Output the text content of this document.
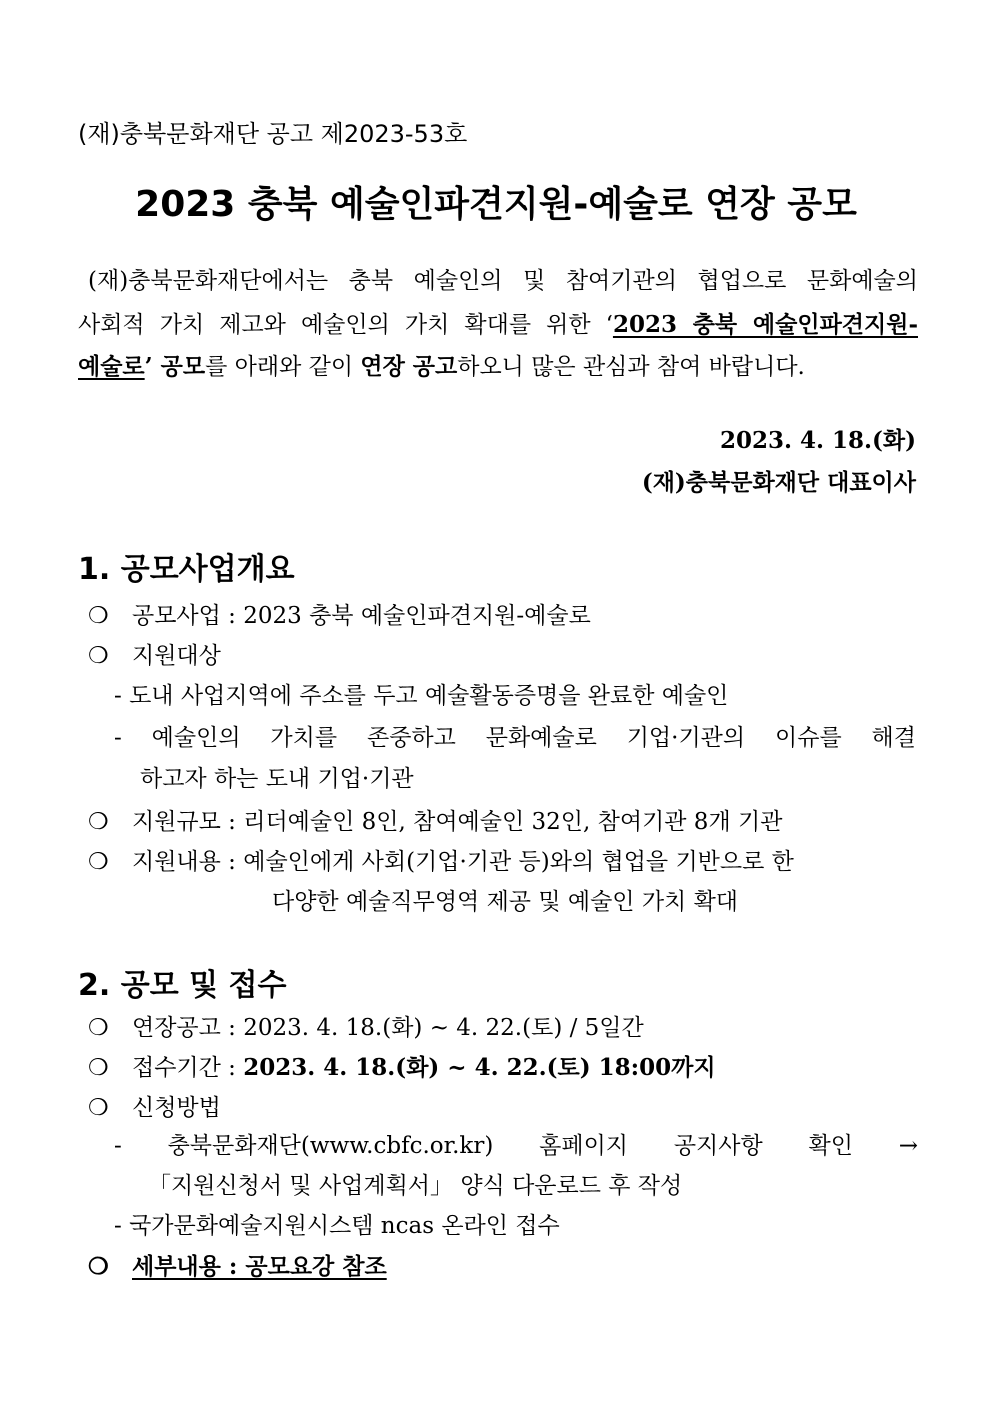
(재)충북문화재단 공고 제2023-53호
2023 충북 예술인파견지원-예술로 연장 공모
(재)충북문화재단에서는 충북 예술인의 및 참여기관의 협업으로 문화예술의
사회적 가치 제고와 예술인의 가치 확대를 위한 ‘2023 충북 예술인파견지원-
예술로’ 공모를 아래와 같이 연장 공고하오니 많은 관심과 참여 바랍니다.
2023. 4. 18.(화)
(재)충북문화재단 대표이사
1. 공모사업개요
❍ 공모사업 : 2023 충북 예술인파견지원-예술로
❍ 지원대상
- 도내 사업지역에 주소를 두고 예술활동증명을 완료한 예술인
- 예술인의 가치를 존중하고 문화예술로 기업·기관의 이슈를 해결
하고자 하는 도내 기업·기관
❍ 지원규모 : 리더예술인 8인, 참여예술인 32인, 참여기관 8개 기관
❍ 지원내용 : 예술인에게 사회(기업·기관 등)와의 협업을 기반으로 한
다양한 예술직무영역 제공 및 예술인 가치 확대
2. 공모 및 접수
❍ 연장공고 : 2023. 4. 18.(화) ~ 4. 22.(토) / 5일간
❍ 접수기간 : 2023. 4. 18.(화) ~ 4. 22.(토) 18:00까지
❍ 신청방법
- 충북문화재단(www.cbfc.or.kr) 홈페이지 공지사항 확인 →
「지원신청서 및 사업계획서」 양식 다운로드 후 작성
- 국가문화예술지원시스템 ncas 온라인 접수
❍ 세부내용 : 공모요강 참조
